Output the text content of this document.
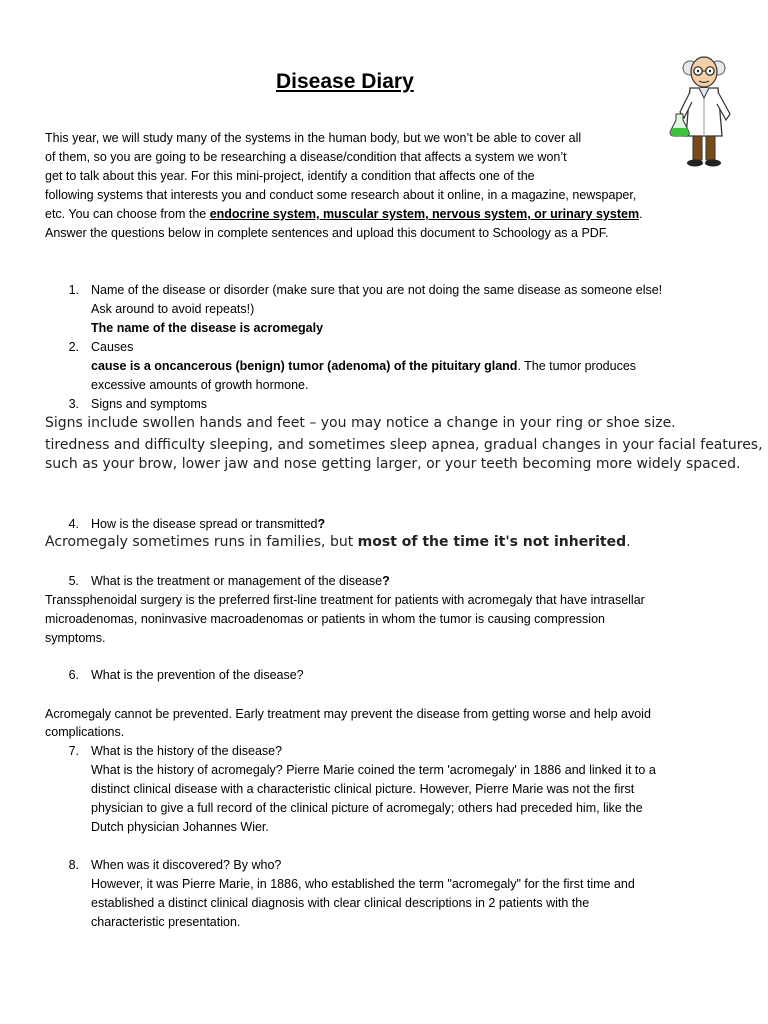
Disease Diary
This year, we will study many of the systems in the human body, but we won’t be able to cover all
of them, so you are going to be researching a disease/condition that affects a system we won’t
get to talk about this year. For this mini-project, identify a condition that affects one of the
following systems that interests you and conduct some research about it online, in a magazine, newspaper,
etc. You can choose from the endocrine system, muscular system, nervous system, or urinary system.
Answer the questions below in complete sentences and upload this document to Schoology as a PDF.
1. Name of the disease or disorder (make sure that you are not doing the same disease as someone else!
Ask around to avoid repeats!)
The name of the disease is acromegaly
2. Causes
cause is a oncancerous (benign) tumor (adenoma) of the pituitary gland. The tumor produces
excessive amounts of growth hormone.
3. Signs and symptoms
Signs include swollen hands and feet – you may notice a change in your ring or shoe size.
tiredness and difficulty sleeping, and sometimes sleep apnea, gradual changes in your facial features,
such as your brow, lower jaw and nose getting larger, or your teeth becoming more widely spaced.
4. How is the disease spread or transmitted?
Acromegaly sometimes runs in families, but most of the time it's not inherited.
5. What is the treatment or management of the disease?
Transsphenoidal surgery is the preferred first-line treatment for patients with acromegaly that have intrasellar
microadenomas, noninvasive macroadenomas or patients in whom the tumor is causing compression
symptoms.
6. What is the prevention of the disease?
Acromegaly cannot be prevented. Early treatment may prevent the disease from getting worse and help avoid
complications.
7. What is the history of the disease?
What is the history of acromegaly? Pierre Marie coined the term 'acromegaly' in 1886 and linked it to a
distinct clinical disease with a characteristic clinical picture. However, Pierre Marie was not the first
physician to give a full record of the clinical picture of acromegaly; others had preceded him, like the
Dutch physician Johannes Wier.
8. When was it discovered? By who?
However, it was Pierre Marie, in 1886, who established the term "acromegaly" for the first time and
established a distinct clinical diagnosis with clear clinical descriptions in 2 patients with the
characteristic presentation.
